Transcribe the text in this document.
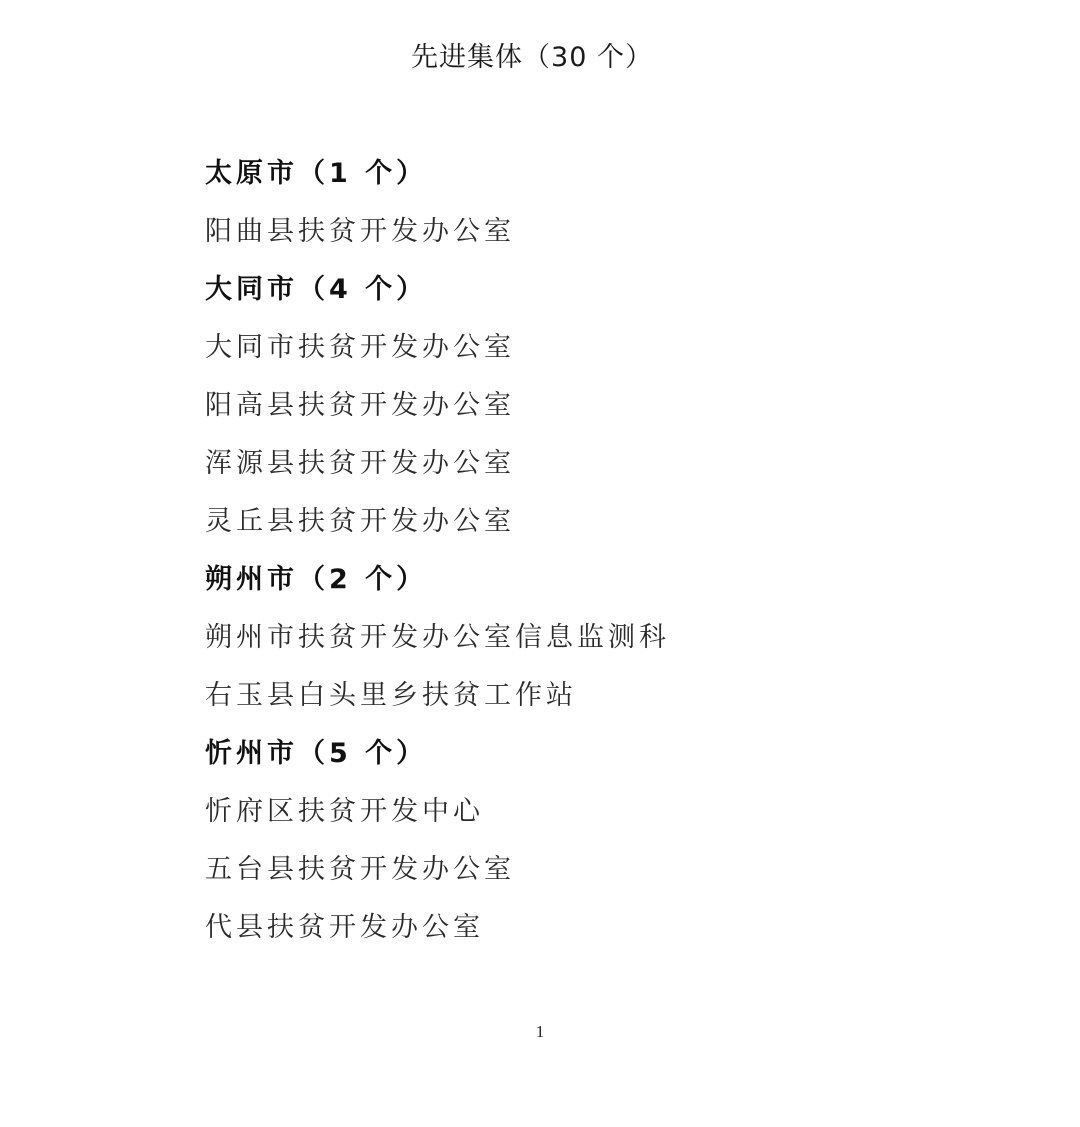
先进集体（30 个）
太原市（1 个）
阳曲县扶贫开发办公室
大同市（4 个）
大同市扶贫开发办公室
阳高县扶贫开发办公室
浑源县扶贫开发办公室
灵丘县扶贫开发办公室
朔州市（2 个）
朔州市扶贫开发办公室信息监测科
右玉县白头里乡扶贫工作站
忻州市（5 个）
忻府区扶贫开发中心
五台县扶贫开发办公室
代县扶贫开发办公室
1
